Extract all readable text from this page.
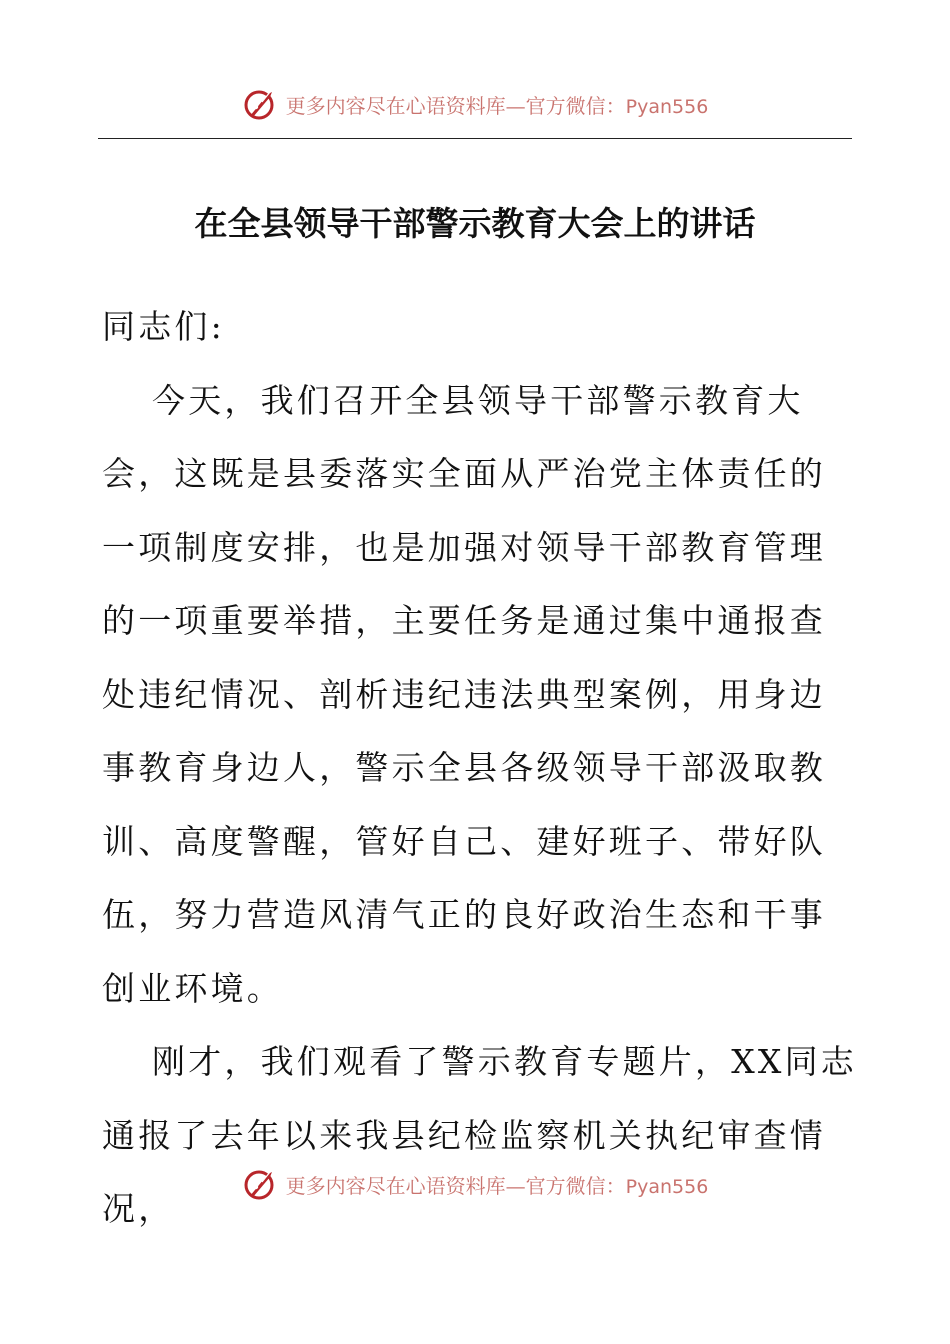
更多内容尽在心语资料库—官方微信：Pyan556
在全县领导干部警示教育大会上的讲话

同志们:

今天，我们召开全县领导干部警示教育大会，这既是县委落实全面从严治党主体责任的一项制度安排，也是加强对领导干部教育管理的一项重要举措，主要任务是通过集中通报查处违纪情况、剖析违纪违法典型案例，用身边事教育身边人，警示全县各级领导干部汲取教训、高度警醒，管好自己、建好班子、带好队伍，努力营造风清气正的良好政治生态和干事创业环境。

刚才，我们观看了警示教育专题片，XX同志通报了去年以来我县纪检监察机关执纪审查情况，

更多内容尽在心语资料库—官方微信：Pyan556
